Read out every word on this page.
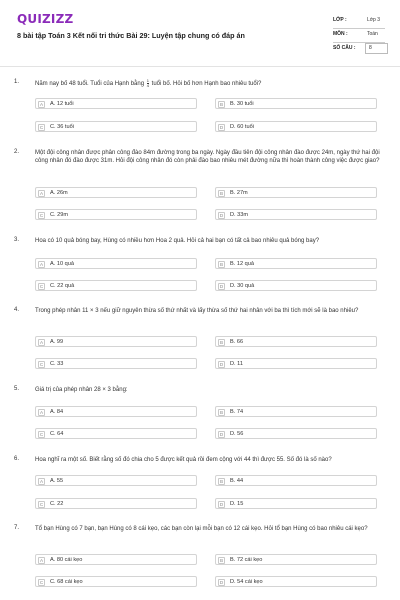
QUIZIZZ
8 bài tập Toán 3 Kết nối tri thức Bài 29: Luyện tập chung có đáp án
LỚP :	Lớp 3
MÔN :	Toán
SỐ CÂU :	8
1.	Năm nay bố 48 tuổi. Tuổi của Hạnh bằng $\frac{1}{4}$ tuổi bố. Hỏi bố hơn Hạnh bao nhiêu tuổi?
A	A. 12 tuổi	B	B. 30 tuổi
C	C. 36 tuổi	D	D. 60 tuổi
2.	Một đội công nhân được phân công đào 84m đường trong ba ngày. Ngày đầu tiên đội công nhân đào được 24m, ngày thứ hai đội công nhân đó đào được 31m. Hỏi đội công nhân đó còn phải đào bao nhiêu mét đường nữa thì hoàn thành công việc được giao?
A	A. 26m	B	B. 27m
C	C. 29m	D	D. 33m
3.	Hoa có 10 quả bóng bay, Hùng có nhiều hơn Hoa 2 quả. Hỏi cả hai bạn có tất cả bao nhiêu quả bóng bay?
A	A. 10 quả	B	B. 12 quả
C	C. 22 quả	D	D. 30 quả
4.	Trong phép nhân 11 × 3 nếu giữ nguyên thừa số thứ nhất và lấy thừa số thứ hai nhân với ba thì tích mới sẽ là bao nhiêu?
A	A. 99	B	B. 66
C	C. 33	D	D. 11
5.	Giá trị của phép nhân 28 × 3 bằng:
A	A. 84	B	B. 74
C	C. 64	D	D. 56
6.	Hoa nghĩ ra một số. Biết rằng số đó chia cho 5 được kết quả rồi đem cộng với 44 thì được 55. Số đó là số nào?
A	A. 55	B	B. 44
C	C. 22	D	D. 15
7.	Tổ bạn Hùng có 7 bạn, bạn Hùng có 8 cái kẹo, các bạn còn lại mỗi bạn có 12 cái kẹo. Hỏi tổ bạn Hùng có bao nhiêu cái kẹo?
A	A. 80 cái kẹo	B	B. 72 cái kẹo
C	C. 68 cái kẹo	D	D. 54 cái kẹo
